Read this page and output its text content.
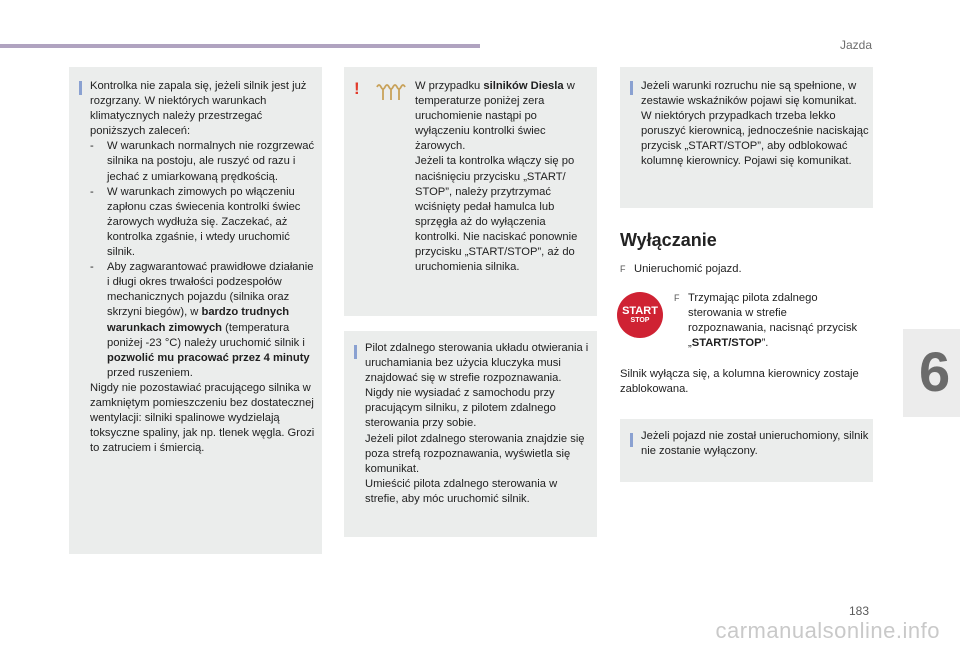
Jazda
6
Kontrolka nie zapala się, jeżeli silnik jest już rozgrzany. W niektórych warunkach klimatycznych należy przestrzegać poniższych zaleceń:
-	W warunkach normalnych nie rozgrzewać silnika na postoju, ale ruszyć od razu i jechać z umiarkowaną prędkością.
-	W warunkach zimowych po włączeniu zapłonu czas świecenia kontrolki świec żarowych wydłuża się. Zaczekać, aż kontrolka zgaśnie, i wtedy uruchomić silnik.
-	Aby zagwarantować prawidłowe działanie i długi okres trwałości podzespołów mechanicznych pojazdu (silnika oraz skrzyni biegów), w bardzo trudnych warunkach zimowych (temperatura poniżej -23 °C) należy uruchomić silnik i pozwolić mu pracować przez 4 minuty przed ruszeniem.
Nigdy nie pozostawiać pracującego silnika w zamkniętym pomieszczeniu bez dostatecznej wentylacji: silniki spalinowe wydzielają toksyczne spaliny, jak np. tlenek węgla. Grozi to zatruciem i śmiercią.
!	W przypadku silników Diesla w temperaturze poniżej zera uruchomienie nastąpi po wyłączeniu kontrolki świec żarowych.
Jeżeli ta kontrolka włączy się po naciśnięciu przycisku „START/ STOP”, należy przytrzymać wciśnięty pedał hamulca lub sprzęgła aż do wyłączenia kontrolki. Nie naciskać ponownie przycisku „START/STOP”, aż do uruchomienia silnika.
Pilot zdalnego sterowania układu otwierania i uruchamiania bez użycia kluczyka musi znajdować się w strefie rozpoznawania.
Nigdy nie wysiadać z samochodu przy pracującym silniku, z pilotem zdalnego sterowania przy sobie.
Jeżeli pilot zdalnego sterowania znajdzie się poza strefą rozpoznawania, wyświetla się komunikat.
Umieścić pilota zdalnego sterowania w strefie, aby móc uruchomić silnik.
Jeżeli warunki rozruchu nie są spełnione, w zestawie wskaźników pojawi się komunikat. W niektórych przypadkach trzeba lekko poruszyć kierownicą, jednocześnie naciskając przycisk „START/STOP”, aby odblokować kolumnę kierownicy. Pojawi się komunikat.
Wyłączanie
F Unieruchomić pojazd.
START
STOP
F Trzymając pilota zdalnego sterowania w strefie rozpoznawania, nacisnąć przycisk „START/STOP”.
Silnik wyłącza się, a kolumna kierownicy zostaje zablokowana.
Jeżeli pojazd nie został unieruchomiony, silnik nie zostanie wyłączony.
183
carmanualsonline.info
